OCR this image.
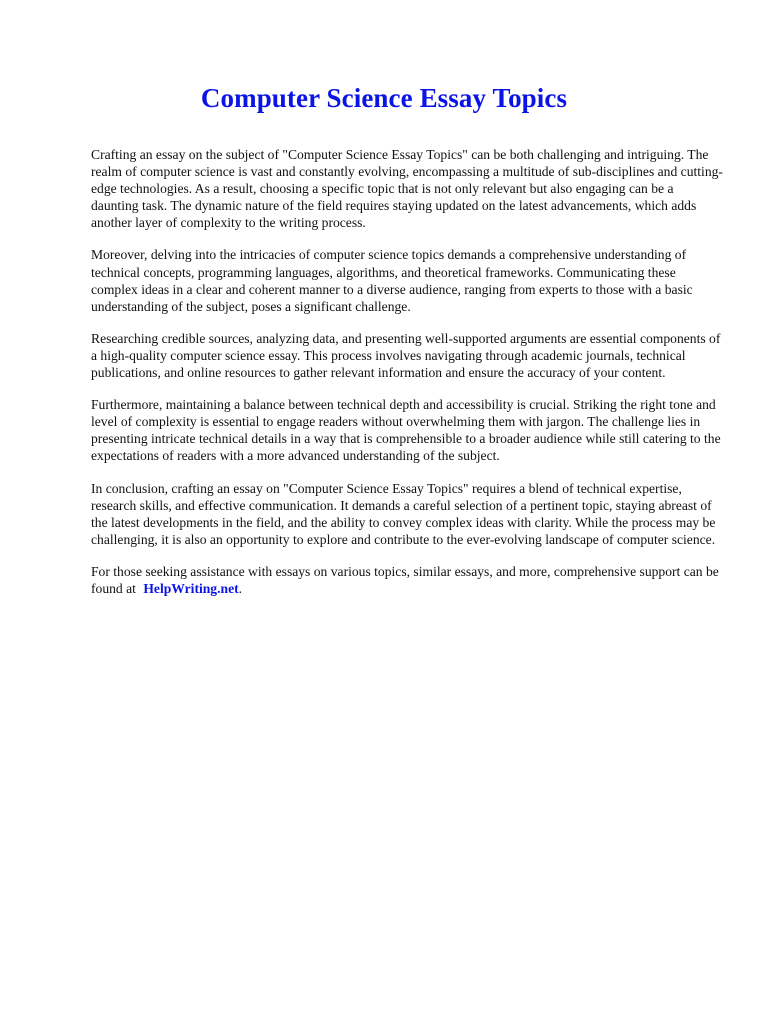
Computer Science Essay Topics

Crafting an essay on the subject of "Computer Science Essay Topics" can be both challenging and intriguing. The realm of computer science is vast and constantly evolving, encompassing a multitude of sub-disciplines and cutting-edge technologies. As a result, choosing a specific topic that is not only relevant but also engaging can be a daunting task. The dynamic nature of the field requires staying updated on the latest advancements, which adds another layer of complexity to the writing process.

Moreover, delving into the intricacies of computer science topics demands a comprehensive understanding of technical concepts, programming languages, algorithms, and theoretical frameworks. Communicating these complex ideas in a clear and coherent manner to a diverse audience, ranging from experts to those with a basic understanding of the subject, poses a significant challenge.

Researching credible sources, analyzing data, and presenting well-supported arguments are essential components of a high-quality computer science essay. This process involves navigating through academic journals, technical publications, and online resources to gather relevant information and ensure the accuracy of your content.

Furthermore, maintaining a balance between technical depth and accessibility is crucial. Striking the right tone and level of complexity is essential to engage readers without overwhelming them with jargon. The challenge lies in presenting intricate technical details in a way that is comprehensible to a broader audience while still catering to the expectations of readers with a more advanced understanding of the subject.

In conclusion, crafting an essay on "Computer Science Essay Topics" requires a blend of technical expertise, research skills, and effective communication. It demands a careful selection of a pertinent topic, staying abreast of the latest developments in the field, and the ability to convey complex ideas with clarity. While the process may be challenging, it is also an opportunity to explore and contribute to the ever-evolving landscape of computer science.

For those seeking assistance with essays on various topics, similar essays, and more, comprehensive support can be found at HelpWriting.net.
